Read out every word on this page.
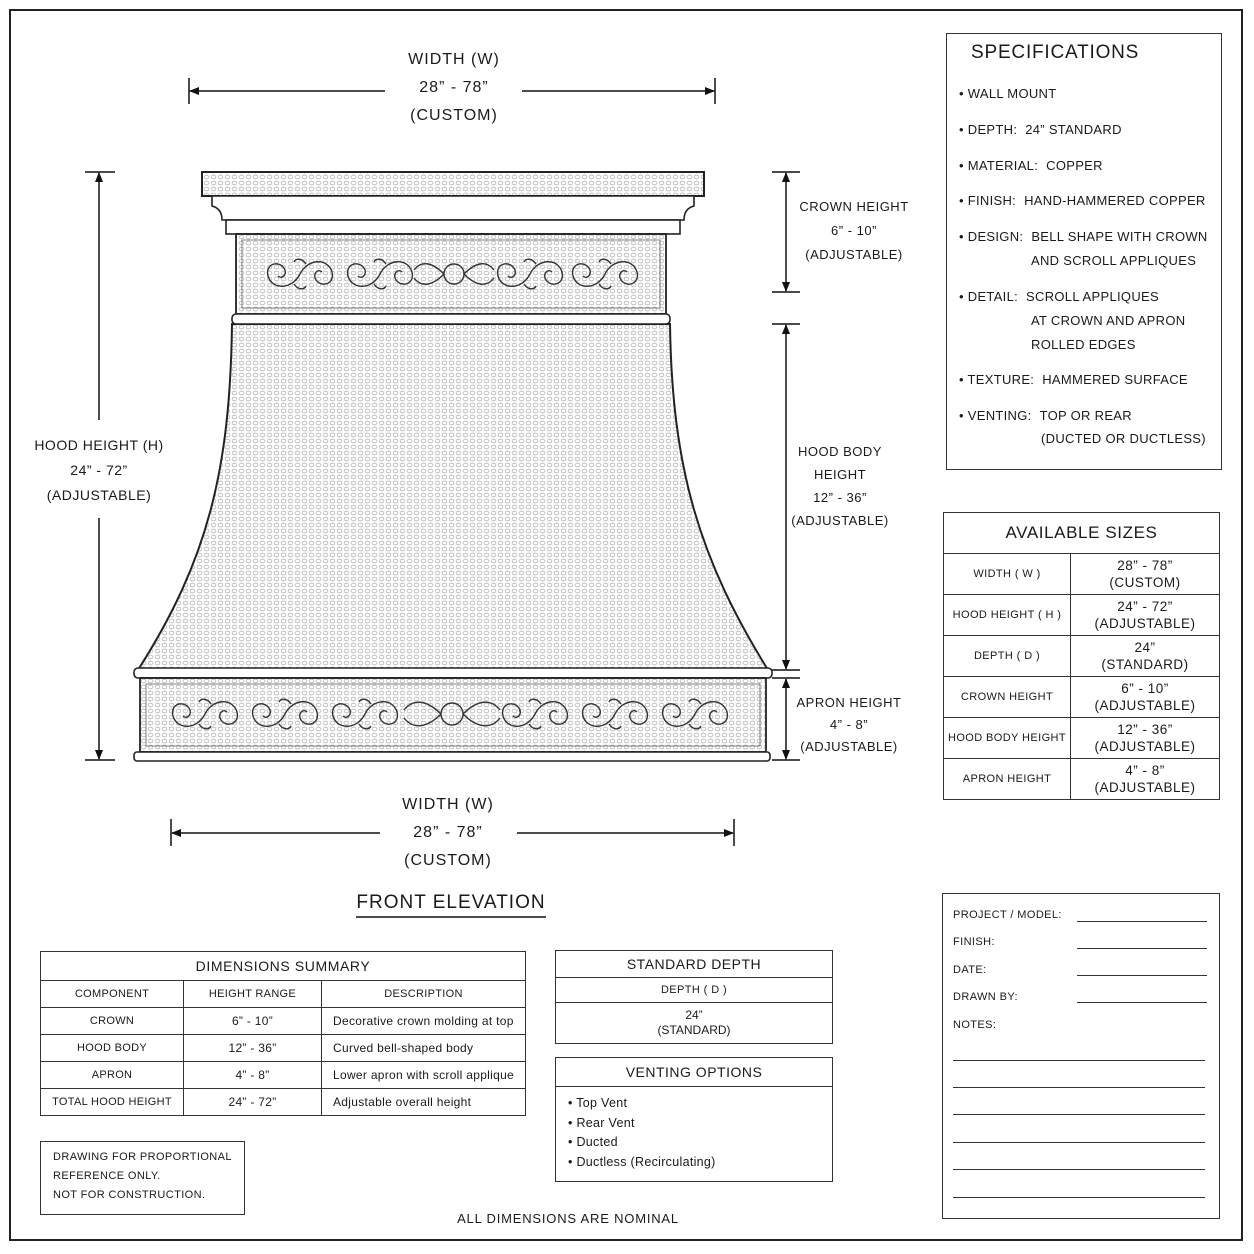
WIDTH (W)
28” - 78”
(CUSTOM)
WIDTH (W)
28” - 78”
(CUSTOM)
HOOD HEIGHT (H)
24” - 72”
(ADJUSTABLE)
CROWN HEIGHT
6” - 10”
(ADJUSTABLE)
HOOD BODY
HEIGHT
12” - 36”
(ADJUSTABLE)
APRON HEIGHT
4” - 8”
(ADJUSTABLE)
FRONT ELEVATION
SPECIFICATIONS
• WALL MOUNT
• DEPTH: 24” STANDARD
• MATERIAL: COPPER
• FINISH: HAND-HAMMERED COPPER
• DESIGN: BELL SHAPE WITH CROWN
AND SCROLL APPLIQUES
• DETAIL: SCROLL APPLIQUES
AT CROWN AND APRON
ROLLED EDGES
• TEXTURE: HAMMERED SURFACE
• VENTING: TOP OR REAR
(DUCTED OR DUCTLESS)
AVAILABLE SIZES	
WIDTH ( W )	28” - 78”
(CUSTOM)

HOOD HEIGHT ( H )	24” - 72”
(ADJUSTABLE)

DEPTH ( D )	24”
(STANDARD)

CROWN HEIGHT	6” - 10”
(ADJUSTABLE)

HOOD BODY HEIGHT	12” - 36”
(ADJUSTABLE)

APRON HEIGHT	4” - 8”
(ADJUSTABLE)
DIMENSIONS SUMMARY		
COMPONENT	HEIGHT RANGE	DESCRIPTION
CROWN	6” - 10”	Decorative crown molding at top
HOOD BODY	12” - 36”	Curved bell-shaped body
APRON	4” - 8”	Lower apron with scroll applique
TOTAL HOOD HEIGHT	24” - 72”	Adjustable overall height
STANDARD DEPTH
DEPTH ( D )

24”
(STANDARD)
VENTING OPTIONS
• Top Vent
• Rear Vent
• Ducted
• Ductless (Recirculating)
DRAWING FOR PROPORTIONAL
REFERENCE ONLY.
NOT FOR CONSTRUCTION.
ALL DIMENSIONS ARE NOMINAL
PROJECT / MODEL:
FINISH:
DATE:
DRAWN BY:
NOTES:
